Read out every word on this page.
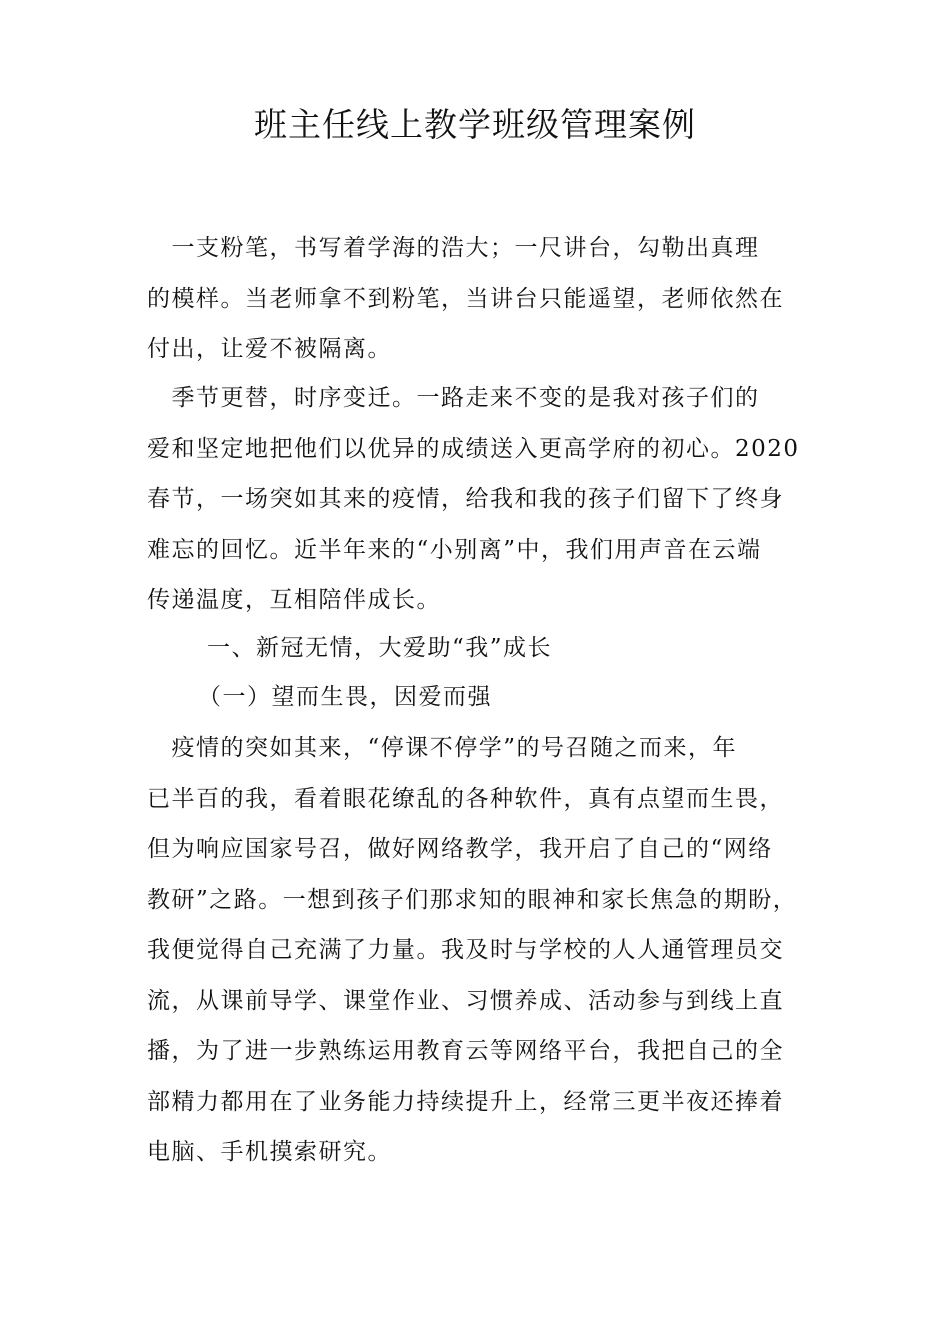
班主任线上教学班级管理案例
　一支粉笔，书写着学海的浩大；一尺讲台，勾勒出真理
的模样。当老师拿不到粉笔，当讲台只能遥望，老师依然在
付出，让爱不被隔离。
　季节更替，时序变迁。一路走来不变的是我对孩子们的
爱和坚定地把他们以优异的成绩送入更高学府的初心。2020
春节，一场突如其来的疫情，给我和我的孩子们留下了终身
难忘的回忆。近半年来的“小别离”中，我们用声音在云端
传递温度，互相陪伴成长。
一、新冠无情，大爱助“我”成长
（一）望而生畏，因爱而强
　疫情的突如其来，“停课不停学”的号召随之而来，年
已半百的我，看着眼花缭乱的各种软件，真有点望而生畏，
但为响应国家号召，做好网络教学，我开启了自己的“网络
教研”之路。一想到孩子们那求知的眼神和家长焦急的期盼，
我便觉得自己充满了力量。我及时与学校的人人通管理员交
流，从课前导学、课堂作业、习惯养成、活动参与到线上直
播，为了进一步熟练运用教育云等网络平台，我把自己的全
部精力都用在了业务能力持续提升上，经常三更半夜还捧着
电脑、手机摸索研究。
